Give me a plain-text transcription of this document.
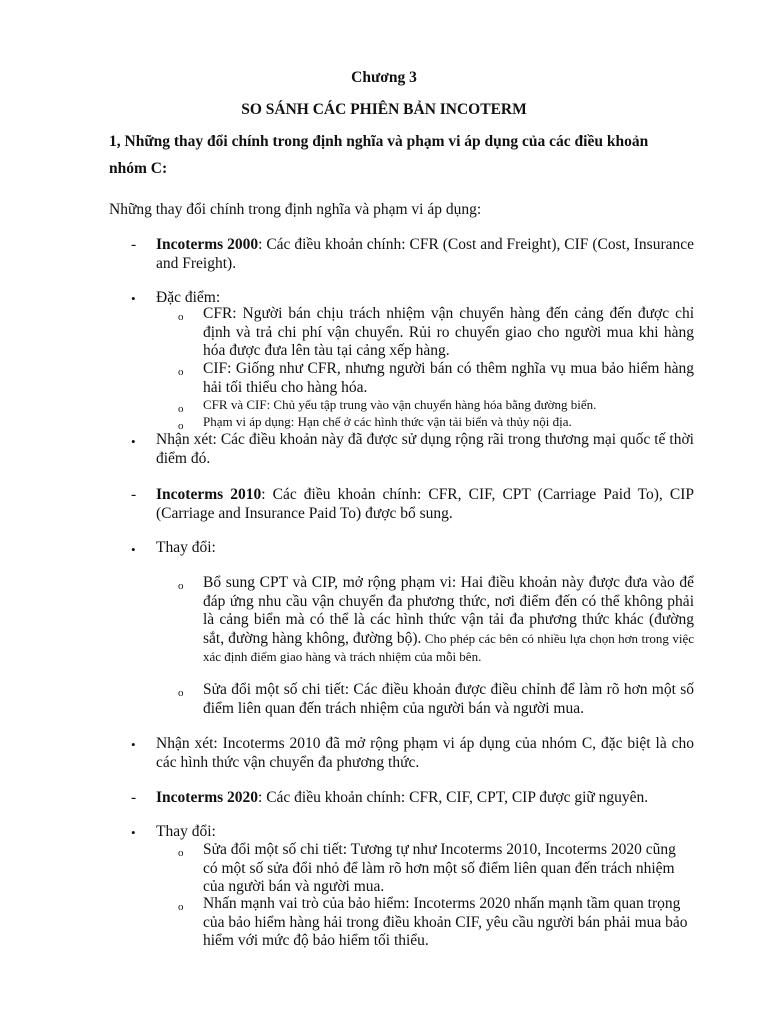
Chương 3
SO SÁNH CÁC PHIÊN BẢN INCOTERM
1, Những thay đổi chính trong định nghĩa và phạm vi áp dụng của các điều khoản
nhóm C:
Những thay đổi chính trong định nghĩa và phạm vi áp dụng:
- Incoterms 2000: Các điều khoản chính: CFR (Cost and Freight), CIF (Cost, Insurance and Freight).
• Đặc điểm:
o CFR: Người bán chịu trách nhiệm vận chuyển hàng đến cảng đến được chỉ định và trả chi phí vận chuyển. Rủi ro chuyển giao cho người mua khi hàng hóa được đưa lên tàu tại cảng xếp hàng.
o CIF: Giống như CFR, nhưng người bán có thêm nghĩa vụ mua bảo hiểm hàng hải tối thiểu cho hàng hóa.
o CFR và CIF: Chủ yếu tập trung vào vận chuyển hàng hóa bằng đường biển.
o Phạm vi áp dụng: Hạn chế ở các hình thức vận tải biển và thủy nội địa.
• Nhận xét: Các điều khoản này đã được sử dụng rộng rãi trong thương mại quốc tế thời điểm đó.
- Incoterms 2010: Các điều khoản chính: CFR, CIF, CPT (Carriage Paid To), CIP (Carriage and Insurance Paid To) được bổ sung.
• Thay đổi:
o Bổ sung CPT và CIP, mở rộng phạm vi: Hai điều khoản này được đưa vào để đáp ứng nhu cầu vận chuyển đa phương thức, nơi điểm đến có thể không phải là cảng biển mà có thể là các hình thức vận tải đa phương thức khác (đường sắt, đường hàng không, đường bộ). Cho phép các bên có nhiều lựa chọn hơn trong việc xác định điểm giao hàng và trách nhiệm của mỗi bên.
o Sửa đổi một số chi tiết: Các điều khoản được điều chỉnh để làm rõ hơn một số điểm liên quan đến trách nhiệm của người bán và người mua.
• Nhận xét: Incoterms 2010 đã mở rộng phạm vi áp dụng của nhóm C, đặc biệt là cho các hình thức vận chuyển đa phương thức.
- Incoterms 2020: Các điều khoản chính: CFR, CIF, CPT, CIP được giữ nguyên.
• Thay đổi:
o Sửa đổi một số chi tiết: Tương tự như Incoterms 2010, Incoterms 2020 cũng có một số sửa đổi nhỏ để làm rõ hơn một số điểm liên quan đến trách nhiệm của người bán và người mua.
o Nhấn mạnh vai trò của bảo hiểm: Incoterms 2020 nhấn mạnh tầm quan trọng của bảo hiểm hàng hải trong điều khoản CIF, yêu cầu người bán phải mua bảo hiểm với mức độ bảo hiểm tối thiểu.
